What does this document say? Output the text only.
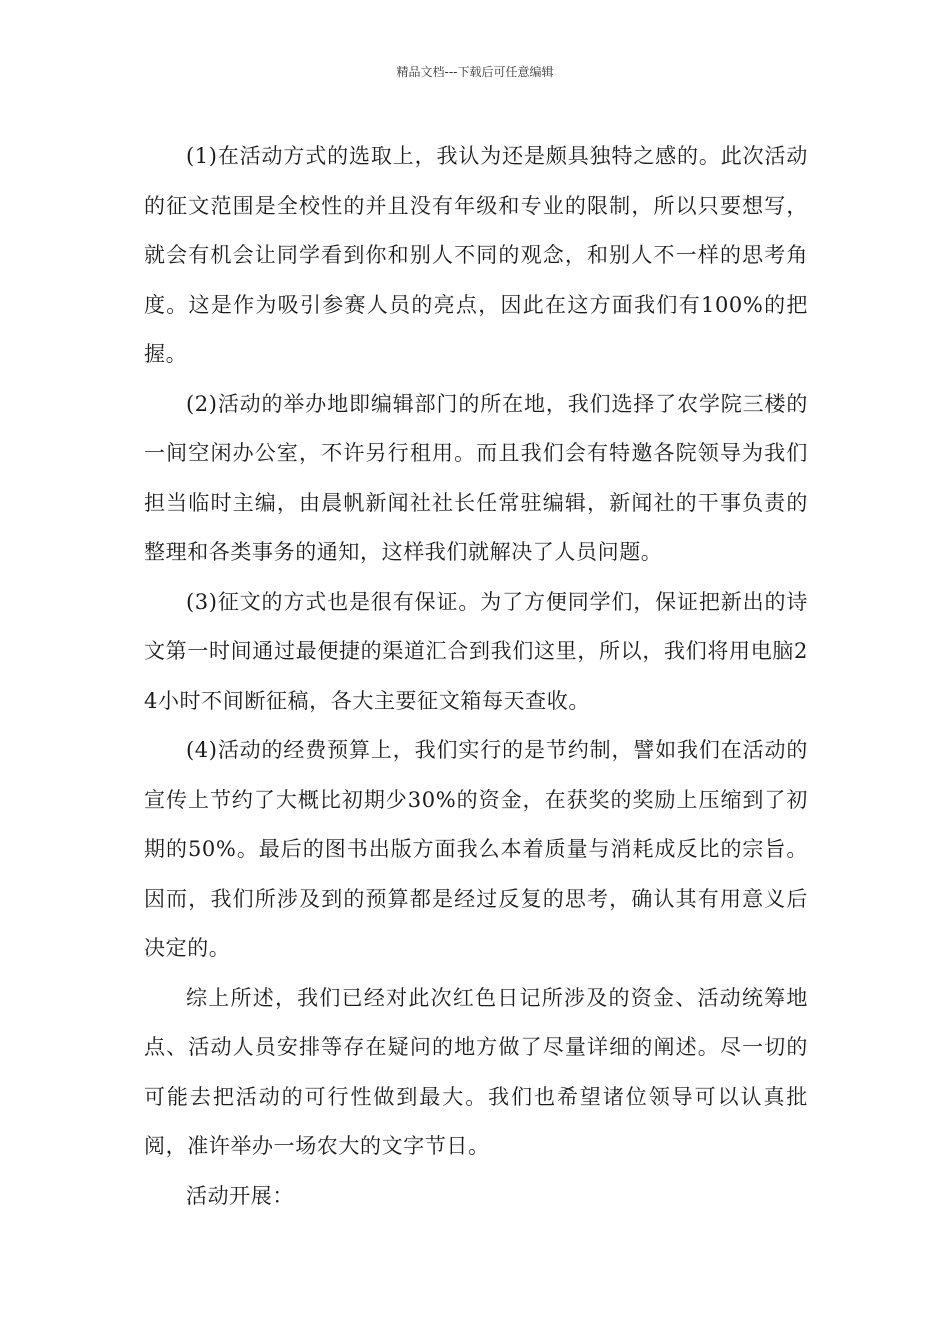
精品文档---下载后可任意编辑

(1)在活动方式的选取上，我认为还是颇具独特之感的。此次活动的征文范围是全校性的并且没有年级和专业的限制，所以只要想写，就会有机会让同学看到你和别人不同的观念，和别人不一样的思考角度。这是作为吸引参赛人员的亮点，因此在这方面我们有100%的把握。

(2)活动的举办地即编辑部门的所在地，我们选择了农学院三楼的一间空闲办公室，不许另行租用。而且我们会有特邀各院领导为我们担当临时主编，由晨帆新闻社社长任常驻编辑，新闻社的干事负责的整理和各类事务的通知，这样我们就解决了人员问题。

(3)征文的方式也是很有保证。为了方便同学们，保证把新出的诗文第一时间通过最便捷的渠道汇合到我们这里，所以，我们将用电脑24小时不间断征稿，各大主要征文箱每天查收。

(4)活动的经费预算上，我们实行的是节约制，譬如我们在活动的宣传上节约了大概比初期少30%的资金，在获奖的奖励上压缩到了初期的50%。最后的图书出版方面我么本着质量与消耗成反比的宗旨。因而，我们所涉及到的预算都是经过反复的思考，确认其有用意义后决定的。

综上所述，我们已经对此次红色日记所涉及的资金、活动统筹地点、活动人员安排等存在疑问的地方做了尽量详细的阐述。尽一切的可能去把活动的可行性做到最大。我们也希望诸位领导可以认真批阅，准许举办一场农大的文字节日。

活动开展：
